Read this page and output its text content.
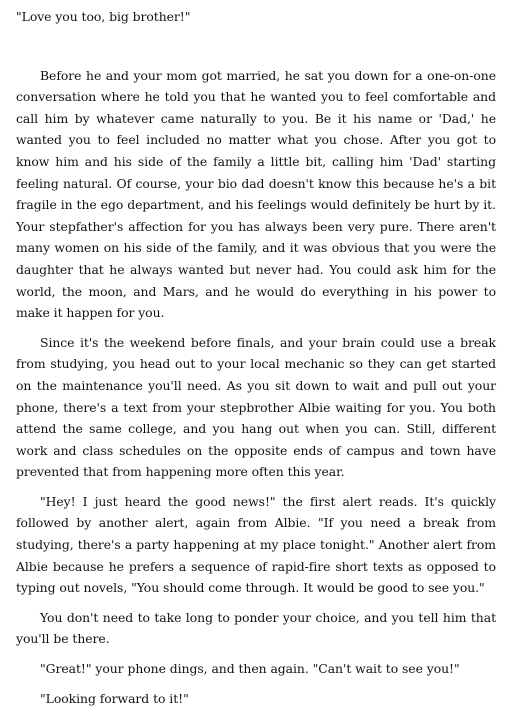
"Love you too, big brother!"

Before he and your mom got married, he sat you down for a one-on-one conversation where he told you that he wanted you to feel comfortable and call him by whatever came naturally to you. Be it his name or 'Dad,' he wanted you to feel included no matter what you chose. After you got to know him and his side of the family a little bit, calling him 'Dad' starting feeling natural. Of course, your bio dad doesn't know this because he's a bit fragile in the ego department, and his feelings would definitely be hurt by it. Your stepfather's affection for you has always been very pure. There aren't many women on his side of the family, and it was obvious that you were the daughter that he always wanted but never had. You could ask him for the world, the moon, and Mars, and he would do everything in his power to make it happen for you.

Since it's the weekend before finals, and your brain could use a break from studying, you head out to your local mechanic so they can get started on the maintenance you'll need. As you sit down to wait and pull out your phone, there's a text from your stepbrother Albie waiting for you. You both attend the same college, and you hang out when you can. Still, different work and class schedules on the opposite ends of campus and town have prevented that from happening more often this year.

"Hey! I just heard the good news!" the first alert reads. It's quickly followed by another alert, again from Albie. "If you need a break from studying, there's a party happening at my place tonight." Another alert from Albie because he prefers a sequence of rapid-fire short texts as opposed to typing out novels, "You should come through. It would be good to see you."

You don't need to take long to ponder your choice, and you tell him that you'll be there.

"Great!" your phone dings, and then again. "Can't wait to see you!"

"Looking forward to it!"
